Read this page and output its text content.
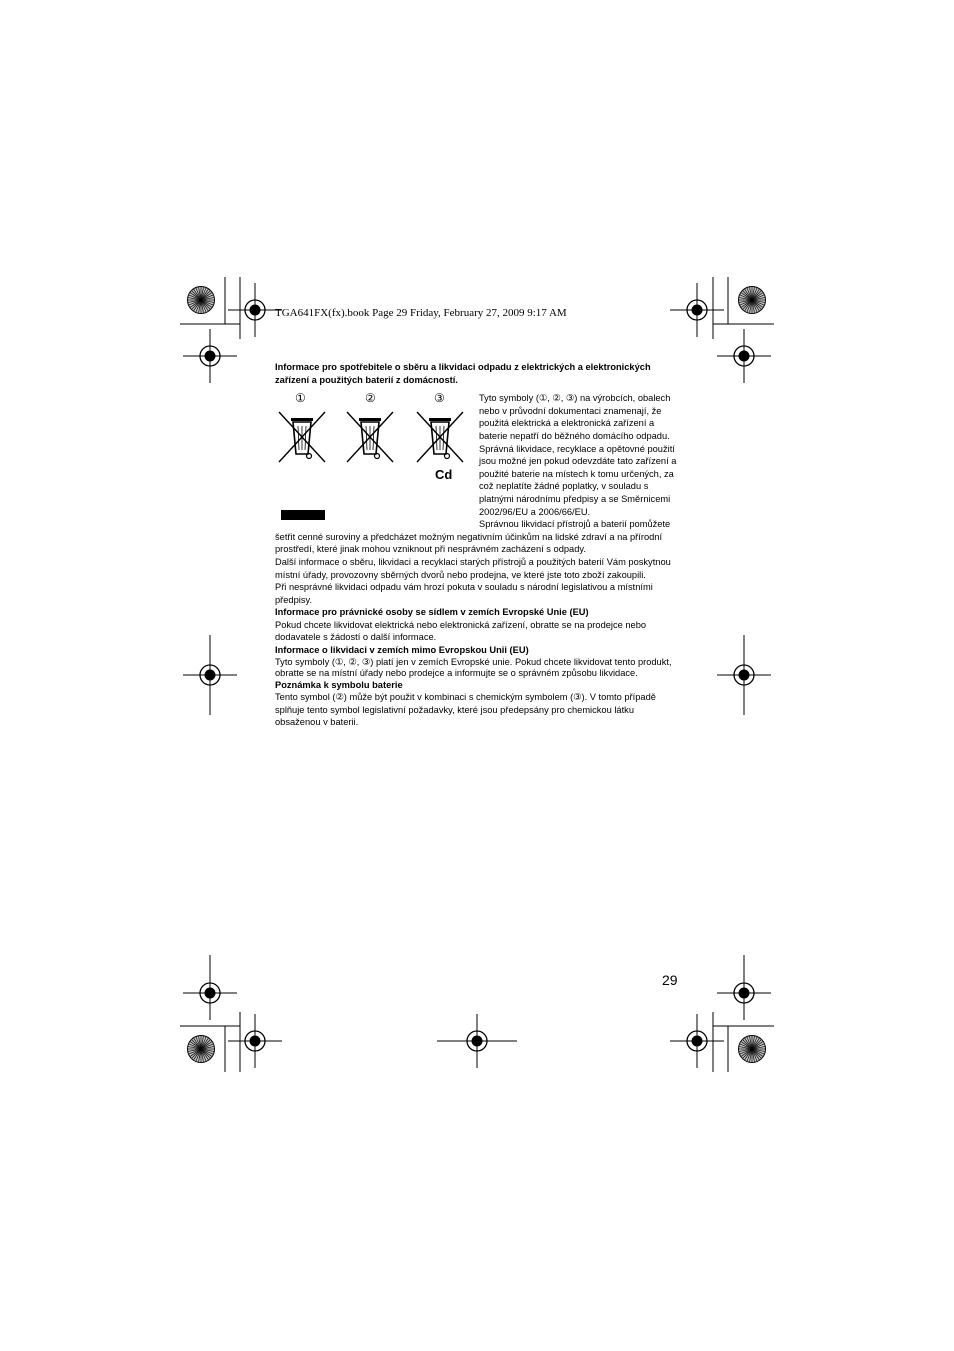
TGA641FX(fx).book Page 29 Friday, February 27, 2009 9:17 AM

Informace pro spotřebitele o sběru a likvidaci odpadu z elektrických a elektronických zařízení a použitých baterií z domácností.

①	②	③
Cd

Tyto symboly (①, ②, ③) na výrobcích, obalech nebo v průvodní dokumentaci znamenají, že použitá elektrická a elektronická zařízení a baterie nepatří do běžného domácího odpadu.

Správná likvidace, recyklace a opětovné použití jsou možné jen pokud odevzdáte tato zařízení a použité baterie na místech k tomu určených, za což neplatíte žádné poplatky, v souladu s platnými národnímu předpisy a se Směrnicemi 2002/96/EU a 2006/66/EU.

Správnou likvidací přístrojů a baterií pomůžete šetřit cenné suroviny a předcházet možným negativním účinkům na lidské zdraví a na přírodní prostředí, které jinak mohou vzniknout při nesprávném zacházení s odpady.

Další informace o sběru, likvidaci a recyklaci starých přístrojů a použitých baterií Vám poskytnou místní úřady, provozovny sběrných dvorů nebo prodejna, ve které jste toto zboží zakoupili.

Při nesprávné likvidaci odpadu vám hrozí pokuta v souladu s národní legislativou a místními předpisy.

Informace pro právnické osoby se sídlem v zemích Evropské Unie (EU)

Pokud chcete likvidovat elektrická nebo elektronická zařízení, obratte se na prodejce nebo dodavatele s žádostí o další informace.

Informace o likvidaci v zemích mimo Evropskou Unii (EU)

Tyto symboly (①, ②, ③) platí jen v zemích Evropské unie. Pokud chcete likvidovat tento produkt, obratte se na místní úřady nebo prodejce a informujte se o správném způsobu likvidace.

Poznámka k symbolu baterie

Tento symbol (②) může být použit v kombinaci s chemickým symbolem (③). V tomto případě splňuje tento symbol legislativní požadavky, které jsou předepsány pro chemickou látku obsaženou v baterii.

29
